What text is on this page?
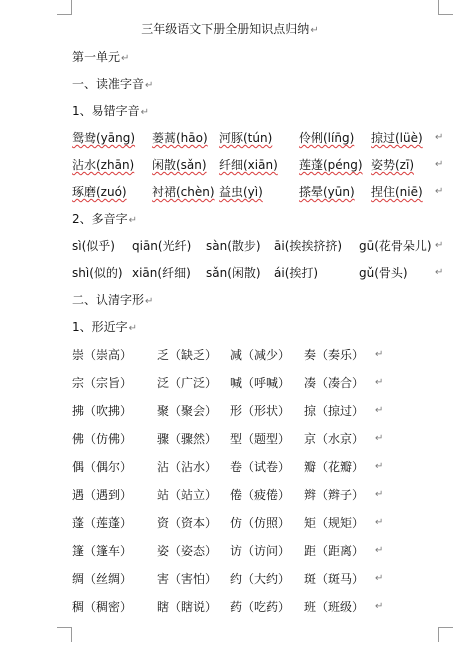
三年级语文下册全册知识点归纳↵
第一单元↵
一、读准字音↵
1、易错字音↵
鸳鸯(yāng) 蒌蒿(hāo) 河豚(tún) 伶俐(lín̄g) 掠过(lüè) ↵
沾水(zhān) 闲散(sǎn) 纤细(xiān) 莲蓬(péng) 姿势(zī) ↵
琢磨(zuó) 衬裙(chèn) 益虫(yì)	搽晕(yūn) 捏住(niē) ↵
2、多音字↵
sì(似乎) qiān(光纤) sàn(散步) āi(挨挨挤挤) gū(花骨朵儿) ↵
shì(似的) xiān(纤细) sǎn(闲散) ái(挨打)	gǔ(骨头)	↵
二、认清字形↵
1、形近字↵
崇（崇高） 乏（缺乏） 减（减少） 奏（奏乐） ↵
宗（宗旨） 泛（广泛） 喊（呼喊） 凑（凑合） ↵
拂（吹拂） 聚（聚会） 形（形状） 掠（掠过） ↵
佛（仿佛） 骤（骤然） 型（题型） 京（水京） ↵
偶（偶尔） 沾（沾水） 卷（试卷） 瓣（花瓣） ↵
遇（遇到） 站（站立） 倦（疲倦） 辫（辫子） ↵
蓬（莲蓬） 资（资本） 仿（仿照） 矩（规矩） ↵
篷（篷车） 姿（姿态） 访（访问） 距（距离） ↵
绸（丝绸） 害（害怕） 约（大约） 斑（斑马） ↵
稠（稠密） 瞎（瞎说） 药（吃药） 班（班级） ↵
